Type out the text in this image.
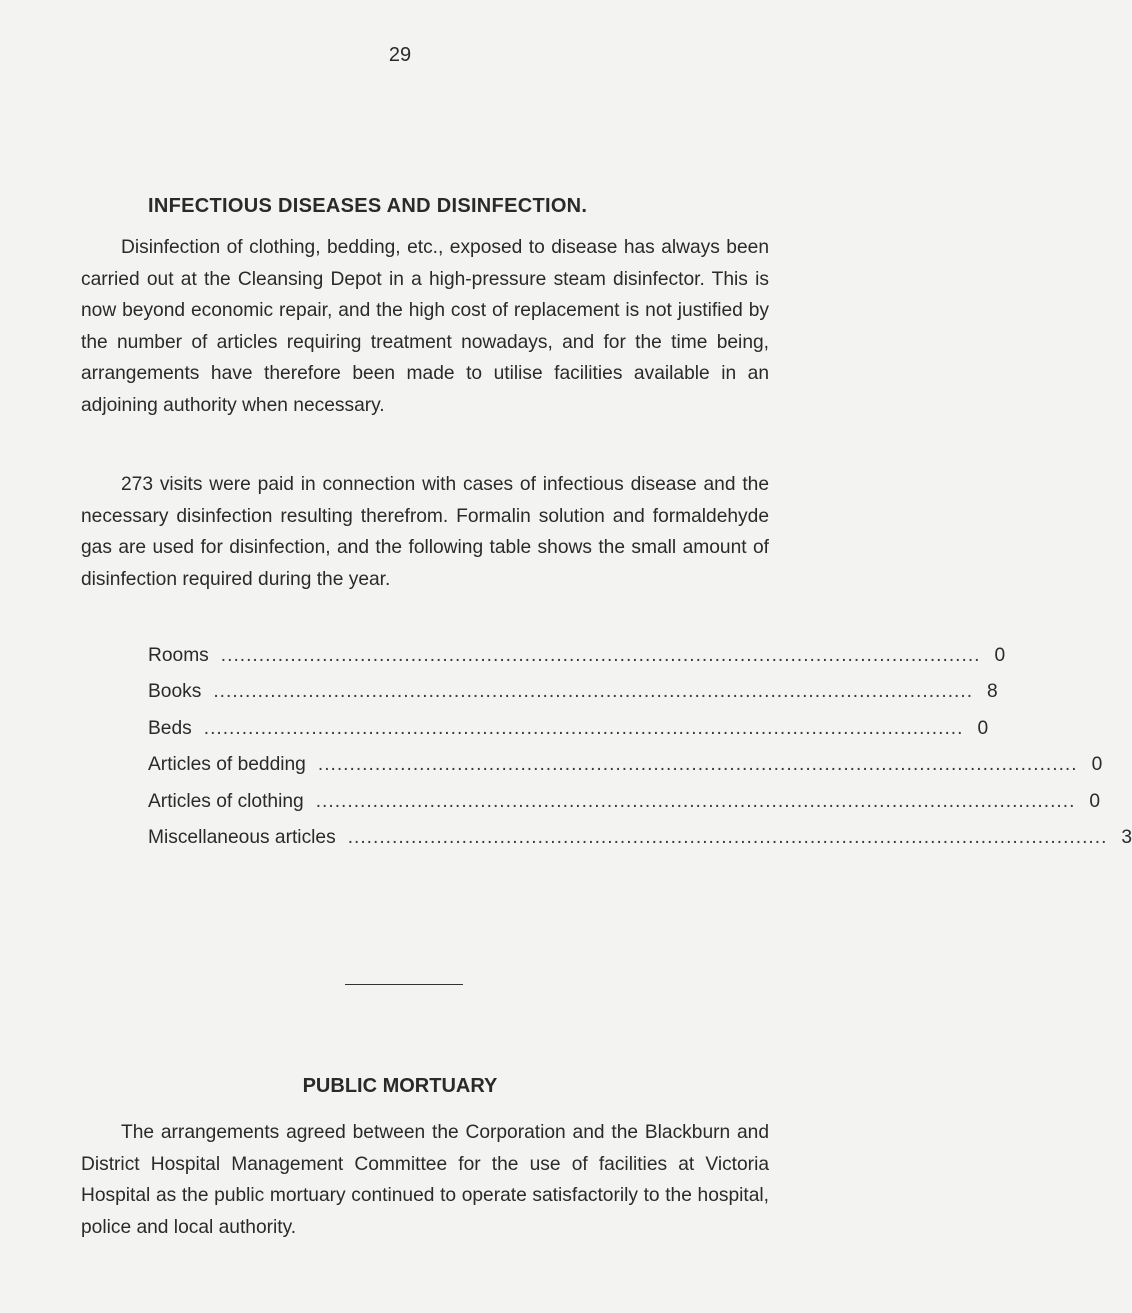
29
INFECTIOUS DISEASES AND DISINFECTION.

Disinfection of clothing, bedding, etc., exposed to disease has always been carried out at the Cleansing Depot in a high-pressure steam disinfector. This is now beyond economic repair, and the high cost of replacement is not justified by the number of articles requiring treatment nowadays, and for the time being, arrangements have therefore been made to utilise facilities available in an adjoining authority when necessary.

273 visits were paid in connection with cases of infectious disease and the necessary disinfection resulting therefrom. Formalin solution and formaldehyde gas are used for disinfection, and the following table shows the small amount of disinfection required during the year.

Rooms ........................................................................................................................ 0
Books ........................................................................................................................ 8
Beds ........................................................................................................................ 0
Articles of bedding ........................................................................................................................ 0
Articles of clothing ........................................................................................................................ 0
Miscellaneous articles ........................................................................................................................ 3
PUBLIC MORTUARY

The arrangements agreed between the Corporation and the Blackburn and District Hospital Management Committee for the use of facilities at Victoria Hospital as the public mortuary continued to operate satisfactorily to the hospital, police and local authority.
